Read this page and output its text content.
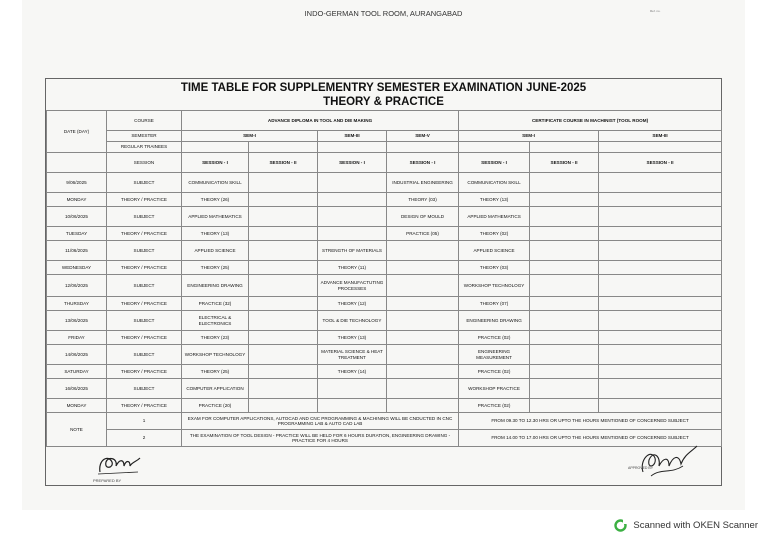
INDO-GERMAN TOOL ROOM, AURANGABAD	Ref. no.
TIME TABLE FOR SUPPLEMENTRY SEMESTER EXAMINATION JUNE-2025
THEORY & PRACTICE
DATE (DAY)	COURSE	ADVANCE DIPLOMA IN TOOL AND DIE MAKING				CERTIFICATE COURSE IN MACHINIST (TOOL ROOM)		
	SEMESTER	SEM-I		SEM-III	SEM-V	SEM-I		SEM-III
	REGULAR TRAINEES							
	SESSION	SESSION - I	SESSION - II	SESSION - I	SESSION - I	SESSION - I	SESSION - II	SESSION - II
9/06/2025	SUBJECT	COMMUNICATION SKILL			INDUSTRIAL ENGINEERING	COMMUNICATION SKILL		
MONDAY	THEORY / PRACTICE	THEORY (26)			THEORY (03)	THEORY (13)		
10/06/2025	SUBJECT	APPLIED MATHEMATICS			DESIGN OF MOULD	APPLIED MATHEMATICS		
TUESDAY	THEORY / PRACTICE	THEORY (13)			PRACTICE (05)	THEORY (02)		
11/06/2025	SUBJECT	APPLIED SCIENCE		STRENGTH OF MATERIALS		APPLIED SCIENCE		
WEDNESDAY	THEORY / PRACTICE	THEORY (25)		THEORY (11)		THEORY (03)		
12/06/2025	SUBJECT	ENGINEERING DRAWING		ADVANCE MANUFACTUTING PROCESSES		WORKSHOP TECHNOLOGY		
THURSDAY	THEORY / PRACTICE	PRACTICE (32)		THEORY (12)		THEORY (07)		
13/06/2025	SUBJECT	ELECTRICAL & ELECTRONICS		TOOL & DIE TECHNOLOGY		ENGINEERING DRAWING		
FRIDAY	THEORY / PRACTICE	THEORY (23)		THEORY (13)		PRACTICE (02)		
14/06/2025	SUBJECT	WORKSHOP TECHNOLOGY		MATERIAL SCIENCE & HEAT TREATMENT		ENGINEERING MEASUREMENT		
SATURDAY	THEORY / PRACTICE	THEORY (25)		THEORY (14)		PRACTICE (02)		
16/06/2025	SUBJECT	COMPUTER APPLICATION				WORKSHOP PRACTICE		
MONDAY	THEORY / PRACTICE	PRACTICE (20)				PRACTICE (02)		
NOTE	1	EXAM FOR COMPUTER APPLICATIONS, AUTOCAD AND CNC PROGRAMMING & MACHINING WILL BE CNDUCTED IN CNC PROGRAMMING LAB & AUTO CAD LAB				FROM 09.30 TO 12.30 HRS OR UPTO THE HOURS MENTIONED OF CONCERNED SUBJECT		
	2	THE EXAMINATION OF TOOL DESIGN - PRACTICE WILL BE HELD FOR 6 HOURS DURATION, ENGINEERING DRAWING - PRACTICE FOR 4 HOURS				FROM 14.00 TO 17.00 HRS OR UPTO THE HOURS MENTIONED OF CONCERNED SUBJECT		
PREPARED BY
APPROVED BY
Scanned with OKEN Scanner
